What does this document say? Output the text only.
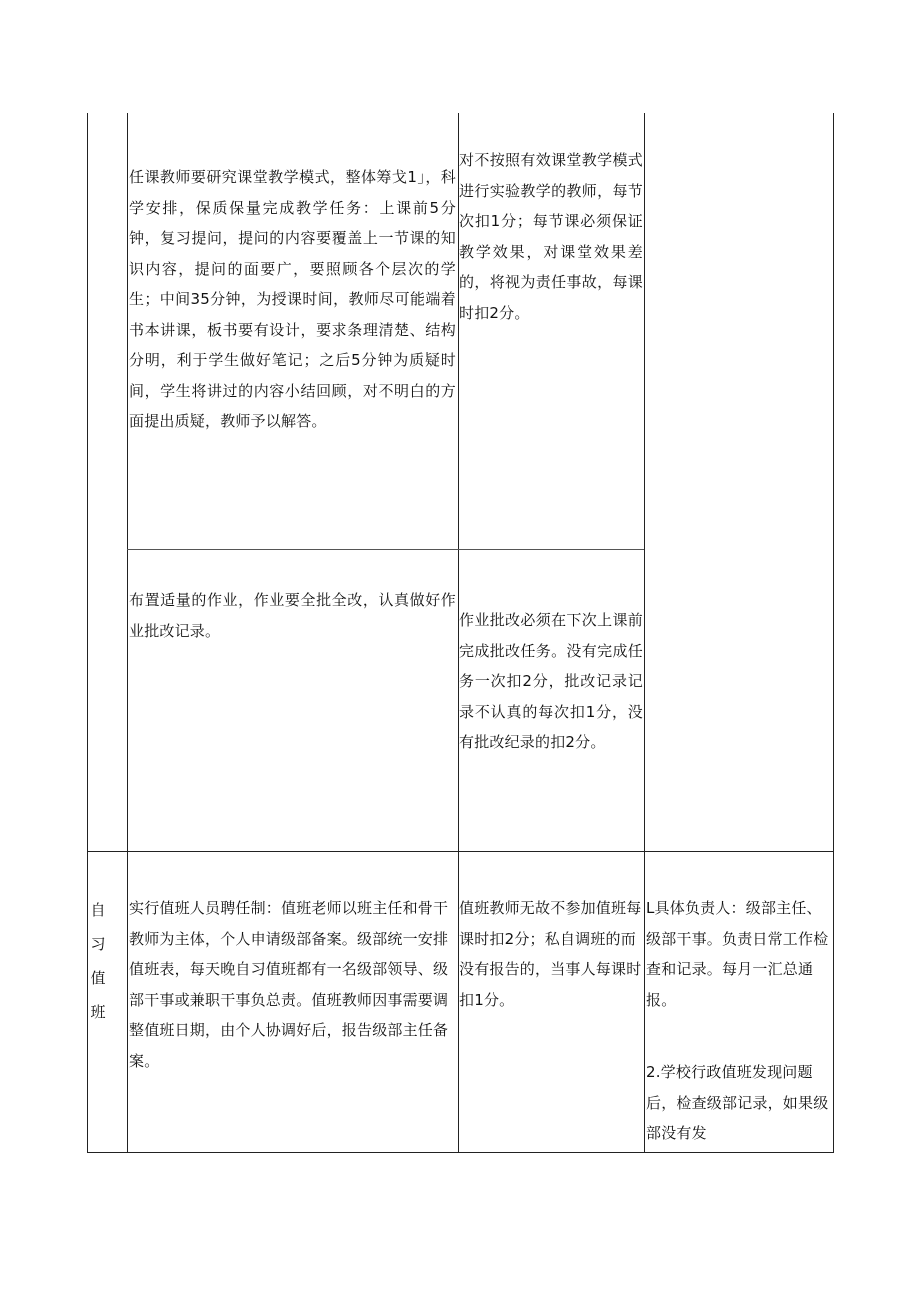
任课教师要研究课堂教学模式，整体筹戈1」，科学安排，保质保量完成教学任务：上课前5分钟，复习提问，提问的内容要覆盖上一节课的知识内容，提问的面要广，要照顾各个层次的学生；中间35分钟，为授课时间，教师尽可能端着书本讲课，板书要有设计，要求条理清楚、结构分明，利于学生做好笔记；之后5分钟为质疑时间，学生将讲过的内容小结回顾，对不明白的方面提出质疑，教师予以解答。

对不按照有效课堂教学模式进行实验教学的教师，每节次扣1分；每节课必须保证教学效果，对课堂效果差的，将视为责任事故，每课时扣2分。

布置适量的作业，作业要全批全改，认真做好作业批改记录。

作业批改必须在下次上课前完成批改任务。没有完成任务一次扣2分，批改记录记录不认真的每次扣1分，没有批改纪录的扣2分。

自习值班

实行值班人员聘任制：值班老师以班主任和骨干教师为主体，个人申请级部备案。级部统一安排值班表，每天晚自习值班都有一名级部领导、级部干事或兼职干事负总责。值班教师因事需要调整值班日期，由个人协调好后，报告级部主任备案。

值班教师无故不参加值班每课时扣2分；私自调班的而没有报告的，当事人每课时扣1分。

L具体负责人：级部主任、级部干事。负责日常工作检查和记录。每月一汇总通报。

2.学校行政值班发现问题后，检查级部记录，如果级部没有发
